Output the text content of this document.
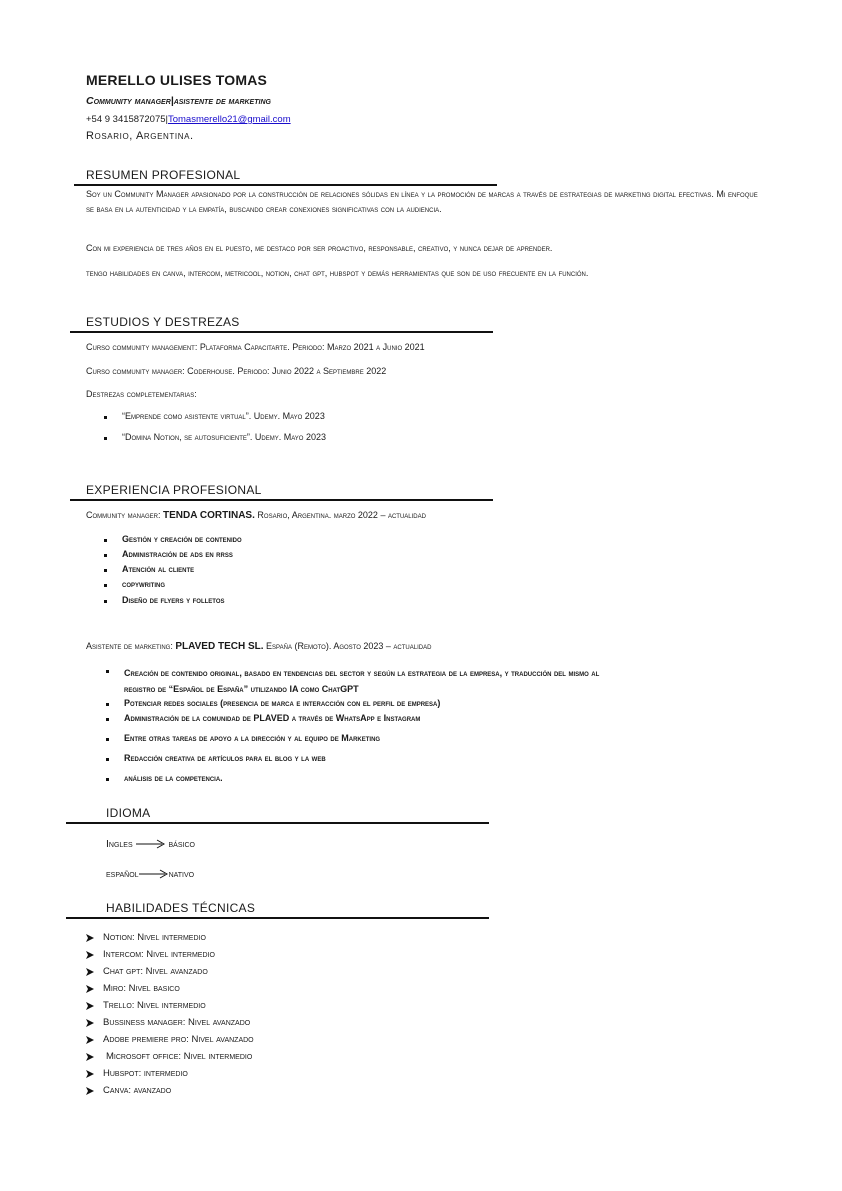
MERELLO ULISES TOMAS
Community manager|asistente de marketing
+54 9 3415872075|Tomasmerello21@gmail.com
Rosario, Argentina.
RESUMEN PROFESIONAL
Soy un Community Manager apasionado por la construcción de relaciones sólidas en línea y la promoción de marcas a través de estrategias de marketing digital efectivas. Mi enfoque se basa en la autenticidad y la empatía, buscando crear conexiones significativas con la audiencia.
Con mi experiencia de tres años en el puesto, me destaco por ser proactivo, responsable, creativo, y nunca dejar de aprender.
tengo habilidades en canva, intercom, metricool, notion, chat gpt, hubspot y demás herramientas que son de uso frecuente en la función.
ESTUDIOS Y DESTREZAS
Curso community management: Plataforma Capacitarte. Periodo: Marzo 2021 a Junio 2021
Curso community manager: Coderhouse. Periodo: Junio 2022 a Septiembre 2022
Destrezas completementarias:
“Emprende como asistente virtual”. Udemy. Mayo 2023
“Domina Notion, se autosuficiente”. Udemy. Mayo 2023
EXPERIENCIA PROFESIONAL
Community manager: TENDA CORTINAS. Rosario, Argentina. marzo 2022 – actualidad
Gestión y creación de contenido
Administración de ads en rrss
Atención al cliente
copywriting
Diseño de flyers y folletos
Asistente de marketing: PLAVED TECH SL. España (Remoto). Agosto 2023 – actualidad
Creación de contenido original, basado en tendencias del sector y según la estrategia de la empresa, y traducción del mismo al
registro de “Español de España” utilizando IA como ChatGPT
Potenciar redes sociales (presencia de marca e interacción con el perfil de empresa)
Administración de la comunidad de PLAVED a través de WhatsApp e Instagram
Entre otras tareas de apoyo a la dirección y al equipo de Marketing
Redacción creativa de artículos para el blog y la web
análisis de la competencia.
IDIOMA
Ingles	básico
español	nativo
HABILIDADES TÉCNICAS
Notion: Nivel intermedio
Intercom: Nivel intermedio
Chat gpt: Nivel avanzado
Miro: Nivel basico
Trello: Nivel intermedio
Bussiness manager: Nivel avanzado
Adobe premiere pro: Nivel avanzado
Microsoft office: Nivel intermedio
Hubspot: intermedio
Canva: avanzado
